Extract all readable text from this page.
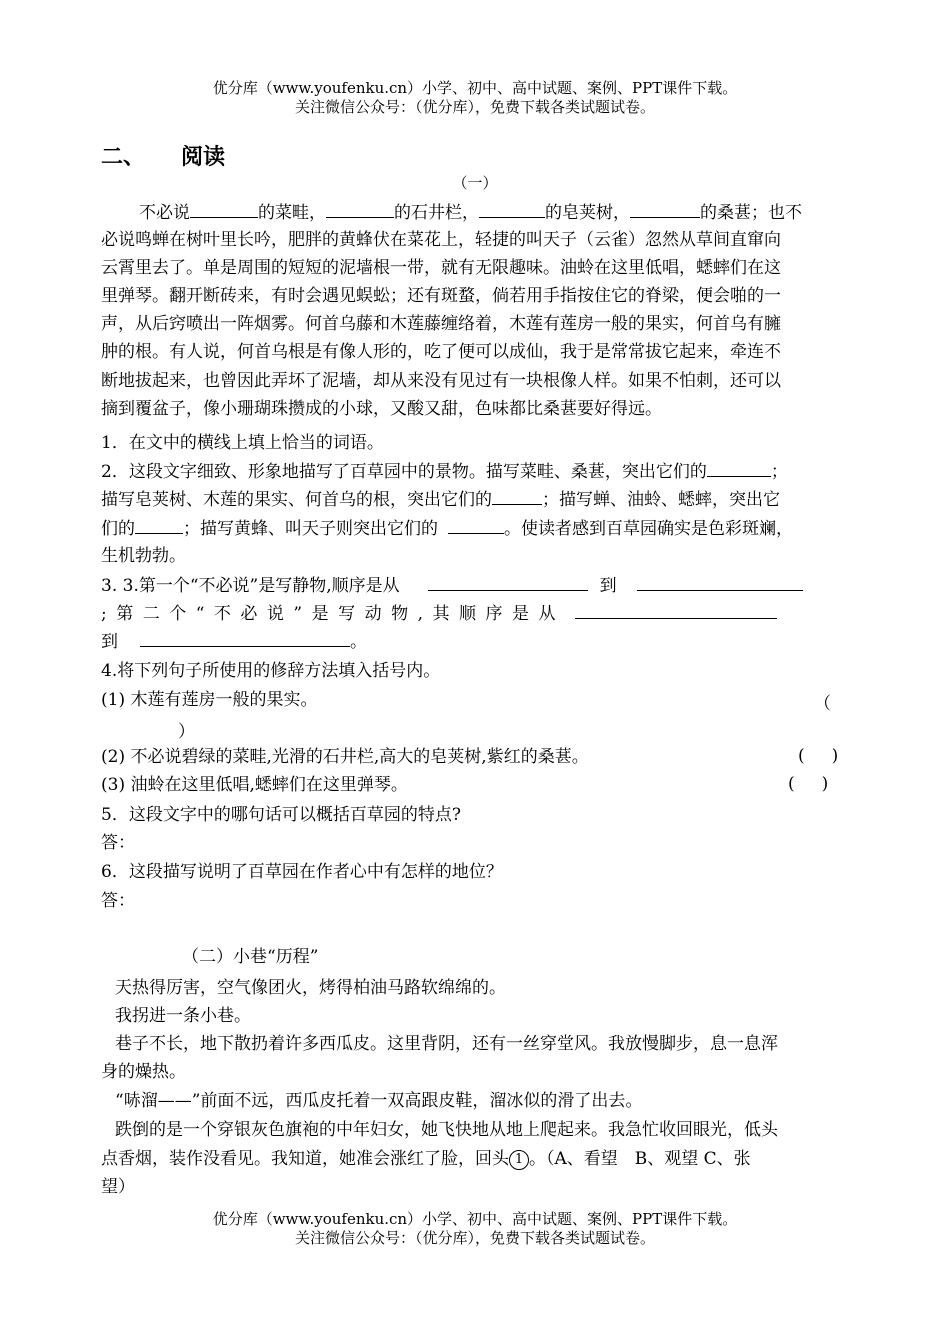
优分库（www.youfenku.cn）小学、初中、高中试题、案例、PPT课件下载。
关注微信公众号：（优分库），免费下载各类试题试卷。
二、 阅读
（一）
不必说	的菜畦，	的石井栏，	的皂荚树，	的桑葚；也不
必说鸣蝉在树叶里长吟，肥胖的黄蜂伏在菜花上，轻捷的叫天子（云雀）忽然从草间直窜向
云霄里去了。单是周围的短短的泥墙根一带，就有无限趣味。油蛉在这里低唱，蟋蟀们在这
里弹琴。翻开断砖来，有时会遇见蜈蚣；还有斑蝥，倘若用手指按住它的脊梁，便会啪的一
声，从后窍喷出一阵烟雾。何首乌藤和木莲藤缠络着，木莲有莲房一般的果实，何首乌有臃
肿的根。有人说，何首乌根是有像人形的，吃了便可以成仙，我于是常常拔它起来，牵连不
断地拔起来，也曾因此弄坏了泥墙，却从来没有见过有一块根像人样。如果不怕刺，还可以
摘到覆盆子，像小珊瑚珠攒成的小球，又酸又甜，色味都比桑葚要好得远。
1．在文中的横线上填上恰当的词语。
2．这段文字细致、形象地描写了百草园中的景物。描写菜畦、桑葚，突出它们的	；
描写皂荚树、木莲的果实、何首乌的根，突出它们的	；描写蝉、油蛉、蟋蟀，突出它
们的	；描写黄蜂、叫天子则突出它们的	。使读者感到百草园确实是色彩斑斓，
生机勃勃。
3. 3.第一个“不必说”是写静物,顺序是从	到
;第二个“不必说”是写动物,其顺序是从
到	。
4.将下列句子所使用的修辞方法填入括号内。
(1) 木莲有莲房一般的果实。	（
）
(2) 不必说碧绿的菜畦,光滑的石井栏,高大的皂荚树,紫红的桑葚。	(     )
(3) 油蛉在这里低唱,蟋蟀们在这里弹琴。	(     )
5．这段文字中的哪句话可以概括百草园的特点?
答：
6．这段描写说明了百草园在作者心中有怎样的地位？
答：
（二）小巷“历程”
天热得厉害，空气像团火，烤得柏油马路软绵绵的。
我拐进一条小巷。
巷子不长，地下散扔着许多西瓜皮。这里背阴，还有一丝穿堂风。我放慢脚步，息一息浑
身的燥热。
“哧溜——”前面不远，西瓜皮托着一双高跟皮鞋，溜冰似的滑了出去。
跌倒的是一个穿银灰色旗袍的中年妇女，她飞快地从地上爬起来。我急忙收回眼光，低头
点香烟，装作没看见。我知道，她准会涨红了脸，回头 1 。（A、看望　B、观望 C、张
望）
优分库（www.youfenku.cn）小学、初中、高中试题、案例、PPT课件下载。
关注微信公众号：（优分库），免费下载各类试题试卷。
